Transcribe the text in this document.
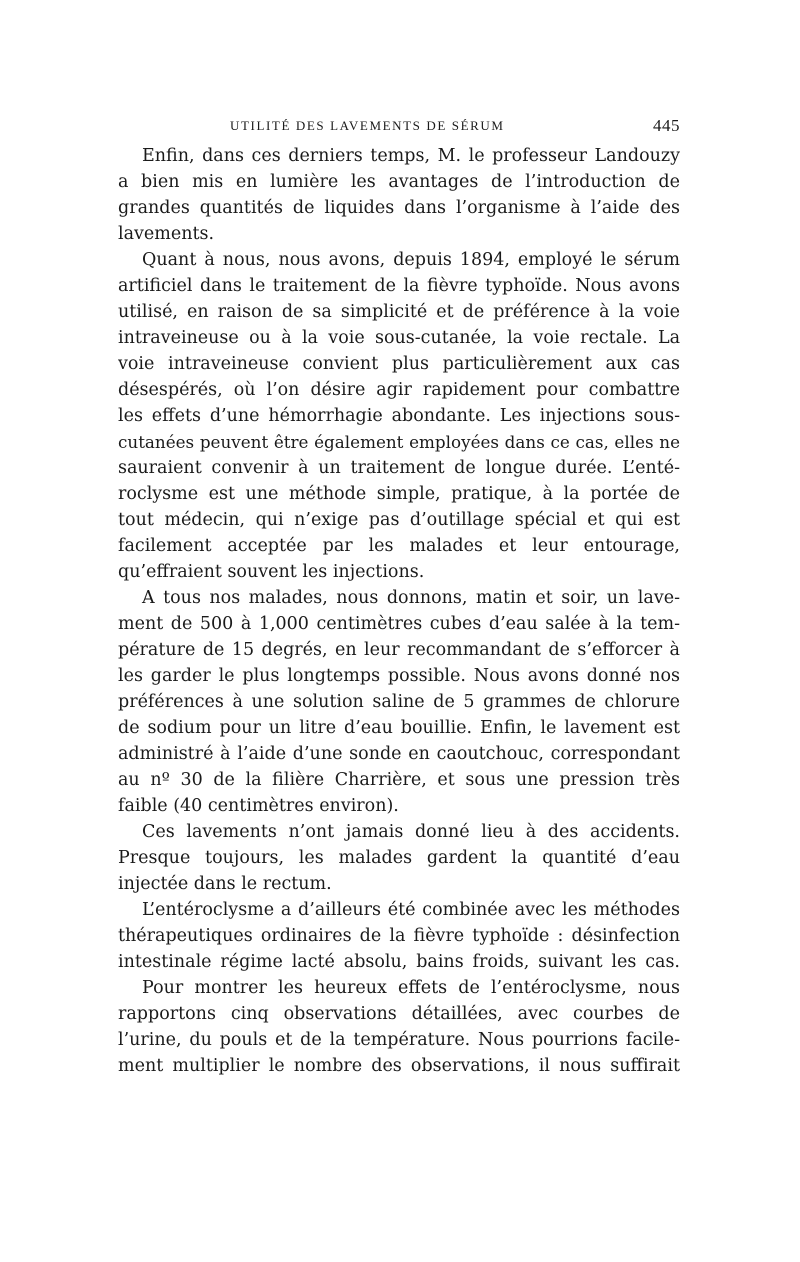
UTILITÉ DES LAVEMENTS DE SÉRUM	445
Enfin, dans ces derniers temps, M. le professeur Landouzy
a bien mis en lumière les avantages de l’introduction de
grandes quantités de liquides dans l’organisme à l’aide des
lavements.
Quant à nous, nous avons, depuis 1894, employé le sérum
artificiel dans le traitement de la fièvre typhoïde. Nous avons
utilisé, en raison de sa simplicité et de préférence à la voie
intraveineuse ou à la voie sous-cutanée, la voie rectale. La
voie intraveineuse convient plus particulièrement aux cas
désespérés, où l’on désire agir rapidement pour combattre
les effets d’une hémorrhagie abondante. Les injections sous-
cutanées peuvent être également employées dans ce cas, elles ne
sauraient convenir à un traitement de longue durée. L’enté-
roclysme est une méthode simple, pratique, à la portée de
tout médecin, qui n’exige pas d’outillage spécial et qui est
facilement acceptée par les malades et leur entourage,
qu’effraient souvent les injections.
A tous nos malades, nous donnons, matin et soir, un lave-
ment de 500 à 1,000 centimètres cubes d’eau salée à la tem-
pérature de 15 degrés, en leur recommandant de s’efforcer à
les garder le plus longtemps possible. Nous avons donné nos
préférences à une solution saline de 5 grammes de chlorure
de sodium pour un litre d’eau bouillie. Enfin, le lavement est
administré à l’aide d’une sonde en caoutchouc, correspondant
au nº 30 de la filière Charrière, et sous une pression très
faible (40 centimètres environ).
Ces lavements n’ont jamais donné lieu à des accidents.
Presque toujours, les malades gardent la quantité d’eau
injectée dans le rectum.
L’entéroclysme a d’ailleurs été combinée avec les méthodes
thérapeutiques ordinaires de la fièvre typhoïde : désinfection
intestinale régime lacté absolu, bains froids, suivant les cas.
Pour montrer les heureux effets de l’entéroclysme, nous
rapportons cinq observations détaillées, avec courbes de
l’urine, du pouls et de la température. Nous pourrions facile-
ment multiplier le nombre des observations, il nous suffirait
